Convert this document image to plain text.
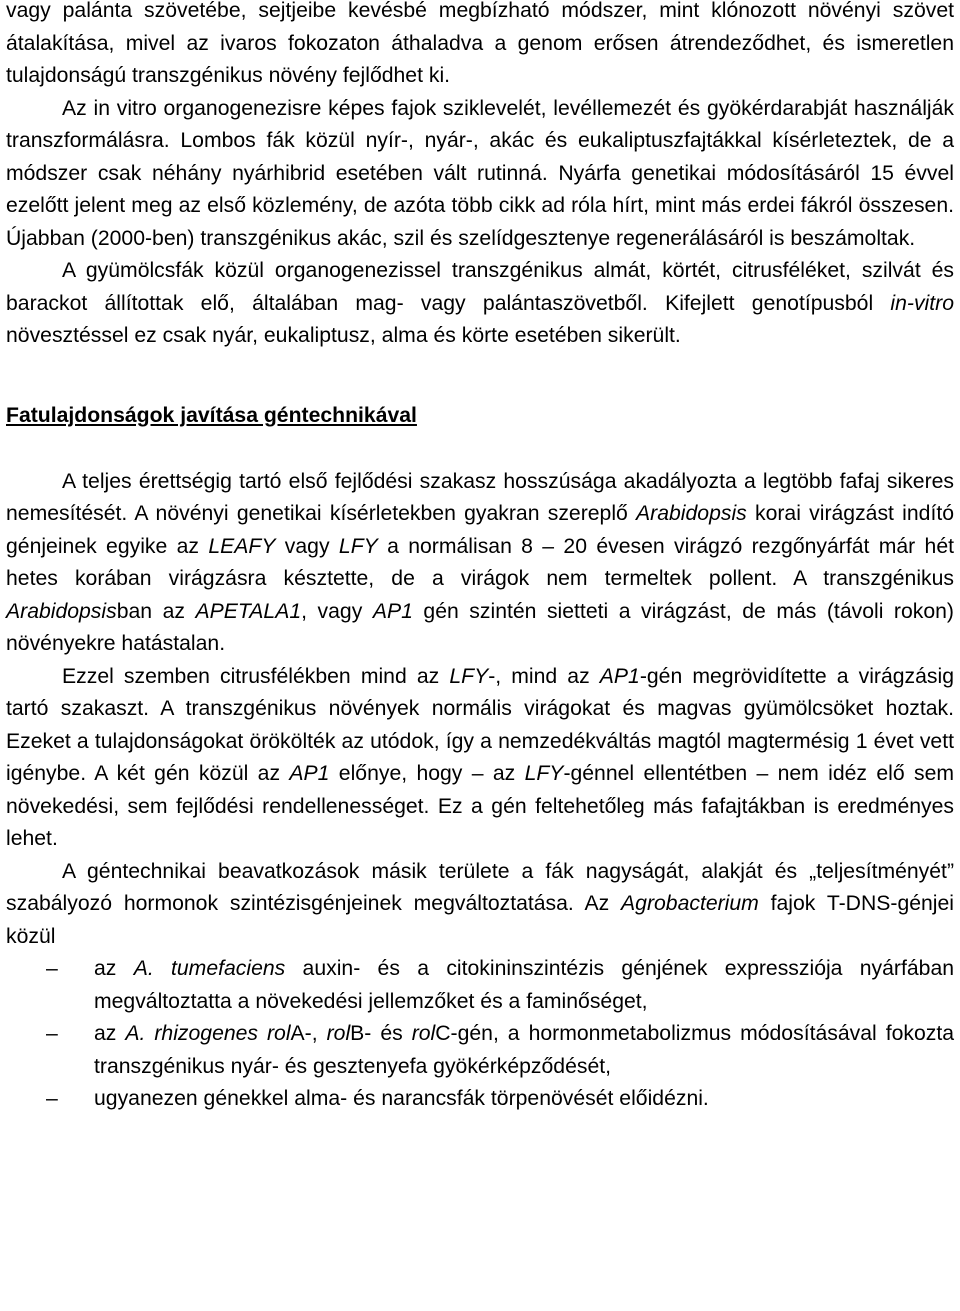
vagy palánta szövetébe, sejtjeibe kevésbé megbízható módszer, mint klónozott növényi szövet átalakítása, mivel az ivaros fokozaton áthaladva a genom erősen átrendeződhet, és ismeretlen tulajdonságú transzgénikus növény fejlődhet ki.

Az in vitro organogenezisre képes fajok sziklevelét, levéllemezét és gyökérdarabját használják transzformálásra. Lombos fák közül nyír-, nyár-, akác és eukaliptuszfajtákkal kísérleteztek, de a módszer csak néhány nyárhibrid esetében vált rutinná. Nyárfa genetikai módosításáról 15 évvel ezelőtt jelent meg az első közlemény, de azóta több cikk ad róla hírt, mint más erdei fákról összesen. Újabban (2000-ben) transzgénikus akác, szil és szelídgesztenye regenerálásáról is beszámoltak.

A gyümölcsfák közül organogenezissel transzgénikus almát, körtét, citrusféléket, szilvát és barackot állítottak elő, általában mag- vagy palántaszövetből. Kifejlett genotípusból in-vitro növesztéssel ez csak nyár, eukaliptusz, alma és körte esetében sikerült.

Fatulajdonságok javítása géntechnikával

A teljes érettségig tartó első fejlődési szakasz hosszúsága akadályozta a legtöbb fafaj sikeres nemesítését. A növényi genetikai kísérletekben gyakran szereplő Arabidopsis korai virágzást indító génjeinek egyike az LEAFY vagy LFY a normálisan 8 – 20 évesen virágzó rezgőnyárfát már hét hetes korában virágzásra késztette, de a virágok nem termeltek pollent. A transzgénikus Arabidopsisban az APETALA1, vagy AP1 gén szintén sietteti a virágzást, de más (távoli rokon) növényekre hatástalan.

Ezzel szemben citrusfélékben mind az LFY-, mind az AP1-gén megrövidítette a virágzásig tartó szakaszt. A transzgénikus növények normális virágokat és magvas gyümölcsöket hoztak. Ezeket a tulajdonságokat örökölték az utódok, így a nemzedékváltás magtól magtermésig 1 évet vett igénybe. A két gén közül az AP1 előnye, hogy – az LFY-génnel ellentétben – nem idéz elő sem növekedési, sem fejlődési rendellenességet. Ez a gén feltehetőleg más fafajtákban is eredményes lehet.

A géntechnikai beavatkozások másik területe a fák nagyságát, alakját és „teljesítményét” szabályozó hormonok szintézisgénjeinek megváltoztatása. Az Agrobacterium fajok T-DNS-génjei közül

– az A. tumefaciens auxin- és a citokininszintézis génjének expressziója nyárfában megváltoztatta a növekedési jellemzőket és a faminőséget,
– az A. rhizogenes rolA-, rolB- és rolC-gén, a hormonmetabolizmus módosításával fokozta transzgénikus nyár- és gesztenyefa gyökérképződését,
– ugyanezen génekkel alma- és narancsfák törpenövését előidézni.
